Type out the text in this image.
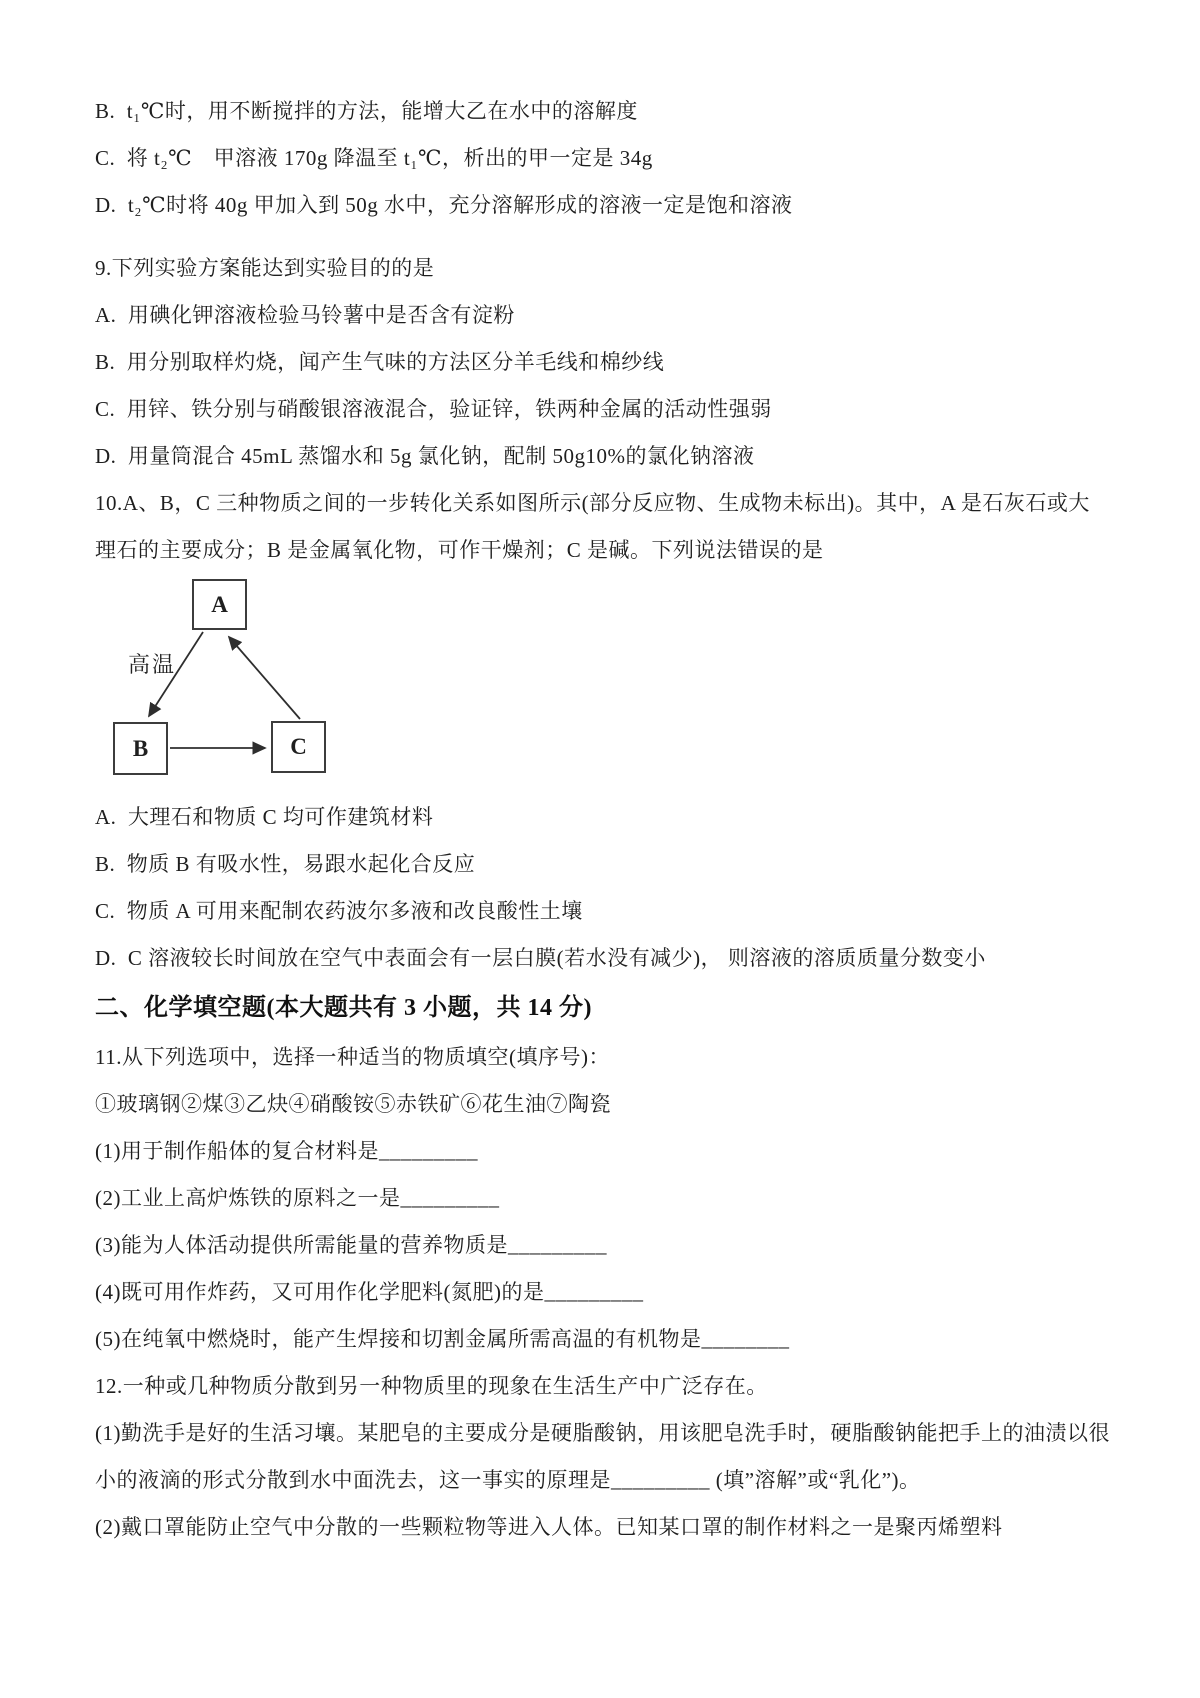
B.  t₁℃时，用不断搅拌的方法，能增大乙在水中的溶解度

C.  将 t₂℃　甲溶液 170g 降温至 t₁℃，析出的甲一定是 34g

D.  t₂℃时将 40g 甲加入到 50g 水中，充分溶解形成的溶液一定是饱和溶液

9.下列实验方案能达到实验目的的是

A.  用碘化钾溶液检验马铃薯中是否含有淀粉

B.  用分别取样灼烧，闻产生气味的方法区分羊毛线和棉纱线

C.  用锌、铁分别与硝酸银溶液混合，验证锌，铁两种金属的活动性强弱

D.  用量筒混合 45mL 蒸馏水和 5g 氯化钠，配制 50g10%的氯化钠溶液

10.A、B，C 三种物质之间的一步转化关系如图所示(部分反应物、生成物未标出)。其中，A 是石灰石或大理石的主要成分；B 是金属氧化物，可作干燥剂；C 是碱。下列说法错误的是

A
B	C
高温

A.  大理石和物质 C 均可作建筑材料

B.  物质 B 有吸水性，易跟水起化合反应

C.  物质 A 可用来配制农药波尔多液和改良酸性土壤

D.  C 溶液较长时间放在空气中表面会有一层白膜(若水没有减少)， 则溶液的溶质质量分数变小

二、化学填空题(本大题共有 3 小题，共 14 分)

11.从下列选项中，选择一种适当的物质填空(填序号)：

①玻璃钢②煤③乙炔④硝酸铵⑤赤铁矿⑥花生油⑦陶瓷

(1)用于制作船体的复合材料是_________

(2)工业上高炉炼铁的原料之一是_________

(3)能为人体活动提供所需能量的营养物质是_________

(4)既可用作炸药，又可用作化学肥料(氮肥)的是_________

(5)在纯氧中燃烧时，能产生焊接和切割金属所需高温的有机物是________

12.一种或几种物质分散到另一种物质里的现象在生活生产中广泛存在。

(1)勤洗手是好的生活习壤。某肥皂的主要成分是硬脂酸钠，用该肥皂洗手时，硬脂酸钠能把手上的油渍以很小的液滴的形式分散到水中面洗去，这一事实的原理是_________ (填”溶解”或“乳化”)。

(2)戴口罩能防止空气中分散的一些颗粒物等进入人体。已知某口罩的制作材料之一是聚丙烯塑料
